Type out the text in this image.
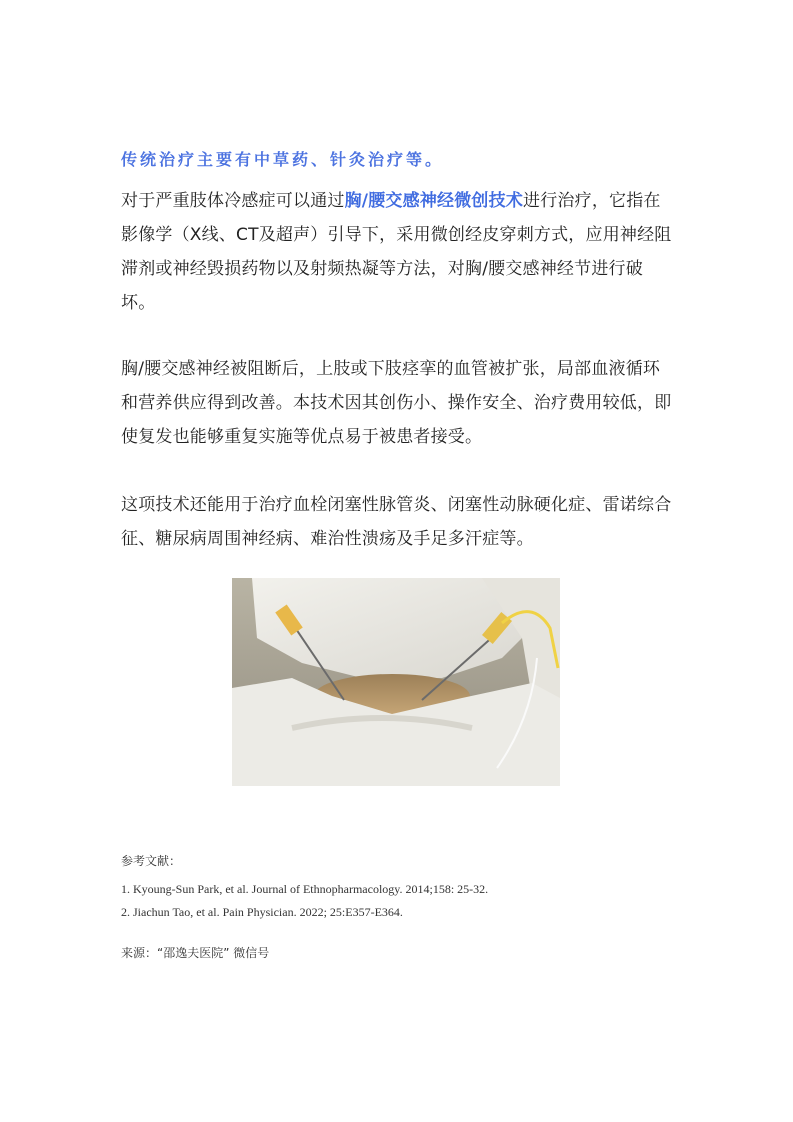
传统治疗主要有中草药、针灸治疗等。

对于严重肢体冷感症可以通过胸/腰交感神经微创技术进行治疗，它指在影像学（X线、CT及超声）引导下，采用微创经皮穿刺方式，应用神经阻滞剂或神经毁损药物以及射频热凝等方法，对胸/腰交感神经节进行破坏。

胸/腰交感神经被阻断后，上肢或下肢痉挛的血管被扩张，局部血液循环和营养供应得到改善。本技术因其创伤小、操作安全、治疗费用较低，即使复发也能够重复实施等优点易于被患者接受。

这项技术还能用于治疗血栓闭塞性脉管炎、闭塞性动脉硬化症、雷诺综合征、糖尿病周围神经病、难治性溃疡及手足多汗症等。

参考文献：
1. Kyoung-Sun Park, et al. Journal of Ethnopharmacology. 2014;158: 25-32.
2. Jiachun Tao, et al. Pain Physician. 2022; 25:E357-E364.
来源：“邵逸夫医院” 微信号
